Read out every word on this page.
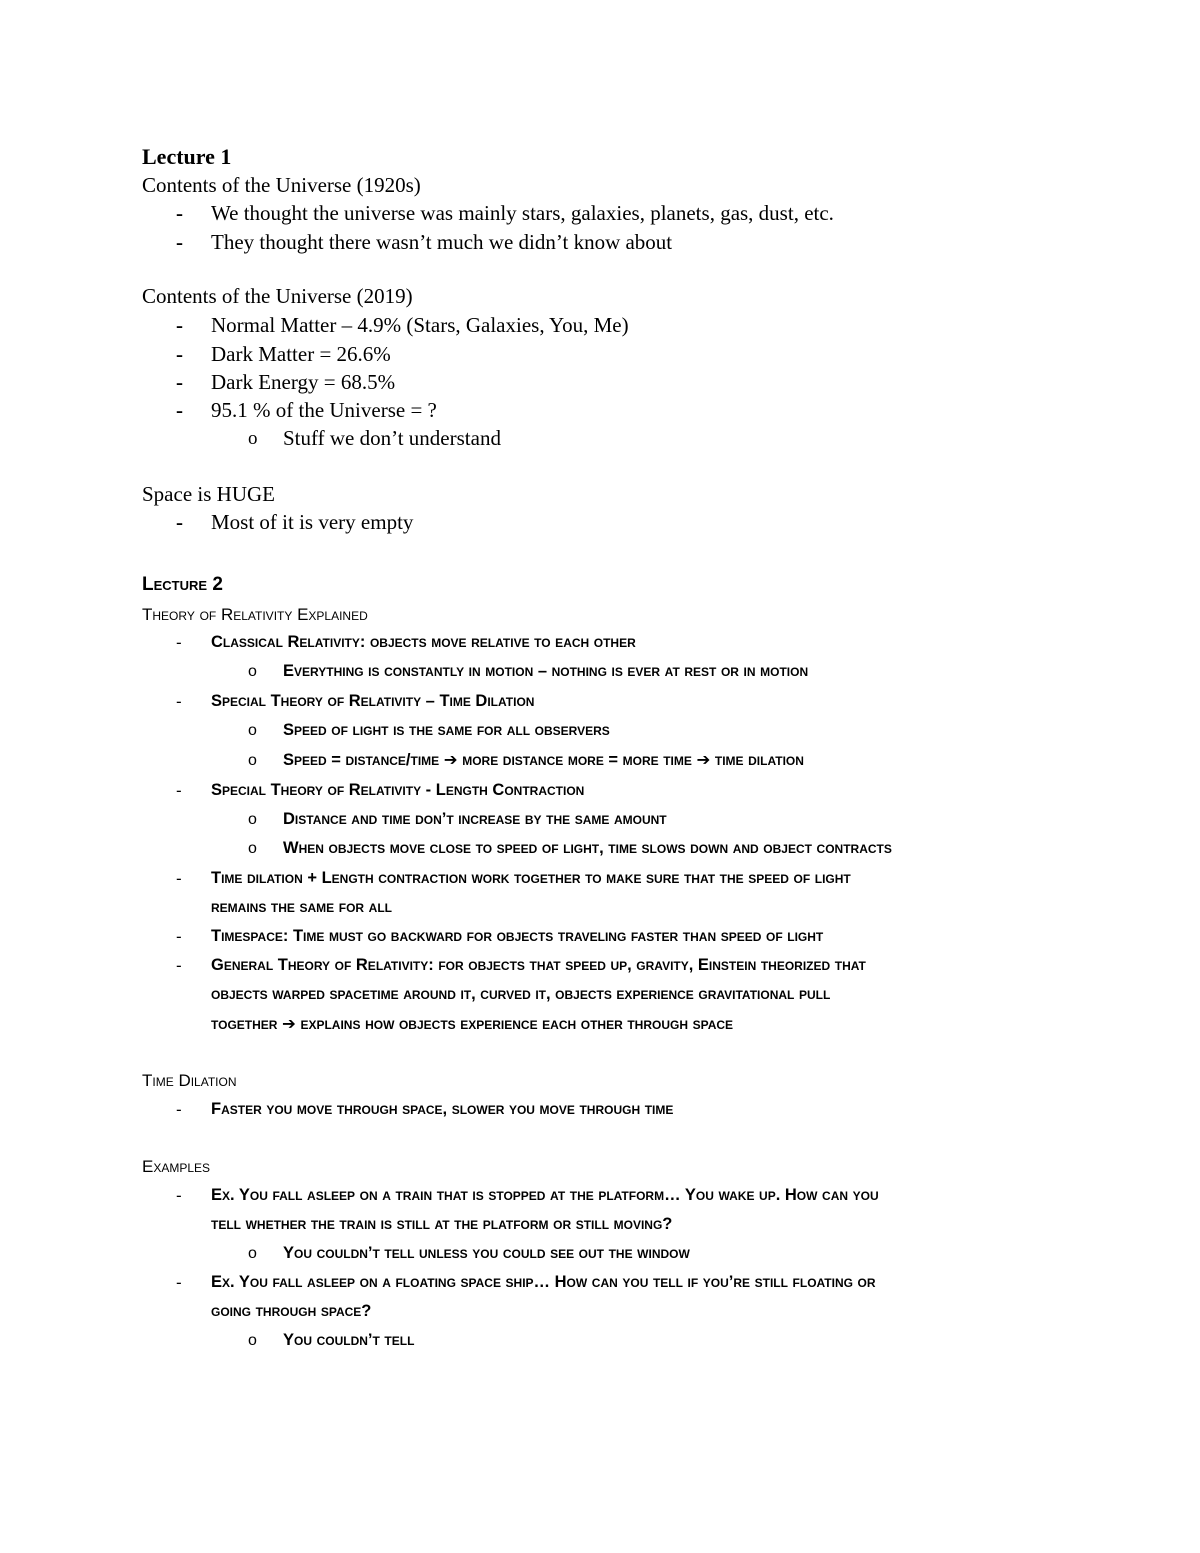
Lecture 1
Contents of the Universe (1920s)
- We thought the universe was mainly stars, galaxies, planets, gas, dust, etc.
- They thought there wasn’t much we didn’t know about
Contents of the Universe (2019)
- Normal Matter – 4.9% (Stars, Galaxies, You, Me)
- Dark Matter = 26.6%
- Dark Energy = 68.5%
- 95.1 % of the Universe = ?
o Stuff we don’t understand
Space is HUGE
- Most of it is very empty
Lecture 2
Theory of Relativity Explained
- Classical Relativity: objects move relative to each other
o Everything is constantly in motion – nothing is ever at rest or in motion
- Special Theory of Relativity – Time Dilation
o Speed of light is the same for all observers
o Speed = distance/time ➔ more distance more = more time ➔ time dilation
- Special Theory of Relativity - Length Contraction
o Distance and time don’t increase by the same amount
o When objects move close to speed of light, time slows down and object contracts
- Time dilation + Length contraction work together to make sure that the speed of light
remains the same for all
- Timespace: Time must go backward for objects traveling faster than speed of light
- General Theory of Relativity: for objects that speed up, gravity, Einstein theorized that
objects warped spacetime around it, curved it, objects experience gravitational pull
together ➔ explains how objects experience each other through space
Time Dilation
- Faster you move through space, slower you move through time
Examples
- Ex. You fall asleep on a train that is stopped at the platform… You wake up. How can you
tell whether the train is still at the platform or still moving?
o You couldn’t tell unless you could see out the window
- Ex. You fall asleep on a floating space ship… How can you tell if you’re still floating or
going through space?
o You couldn’t tell
